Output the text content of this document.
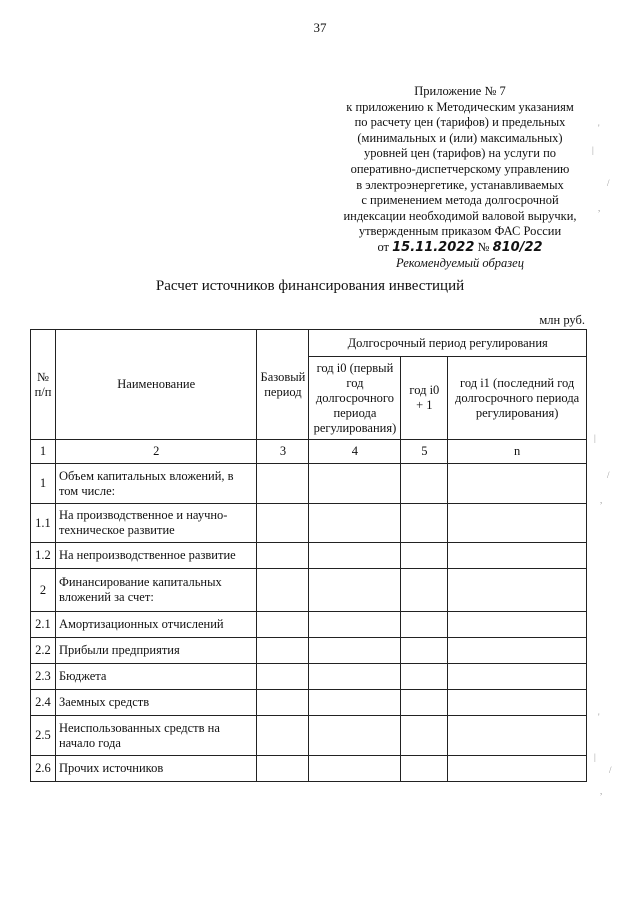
37
Приложение № 7
к приложению к Методическим указаниям
по расчету цен (тарифов) и предельных
(минимальных и (или) максимальных)
уровней цен (тарифов) на услуги по
оперативно-диспетчерскому управлению
в электроэнергетике, устанавливаемых
с применением метода долгосрочной
индексации необходимой валовой выручки,
утвержденным приказом ФАС России
от 15.11.2022 № 810/22
Рекомендуемый образец
Расчет источников финансирования инвестиций
млн руб.
№ п/п	Наименование	Базовый период	Долгосрочный период регулирования		
			год i0 (первый год долгосрочного периода регулирования)	год i0 + 1	год i1 (последний год долгосрочного периода регулирования)
1	2	3	4	5	n
1	Объем капитальных вложений, в том числе:				
1.1	На производственное и научно-техническое развитие				
1.2	На непроизводственное развитие				
2	Финансирование капитальных вложений за счет:				
2.1	Амортизационных отчислений				
2.2	Прибыли предприятия				
2.3	Бюджета				
2.4	Заемных средств				
2.5	Неиспользованных средств на начало года				
2.6	Прочих источников				
'
|
/
,
|
/
,
'
|
/
,
